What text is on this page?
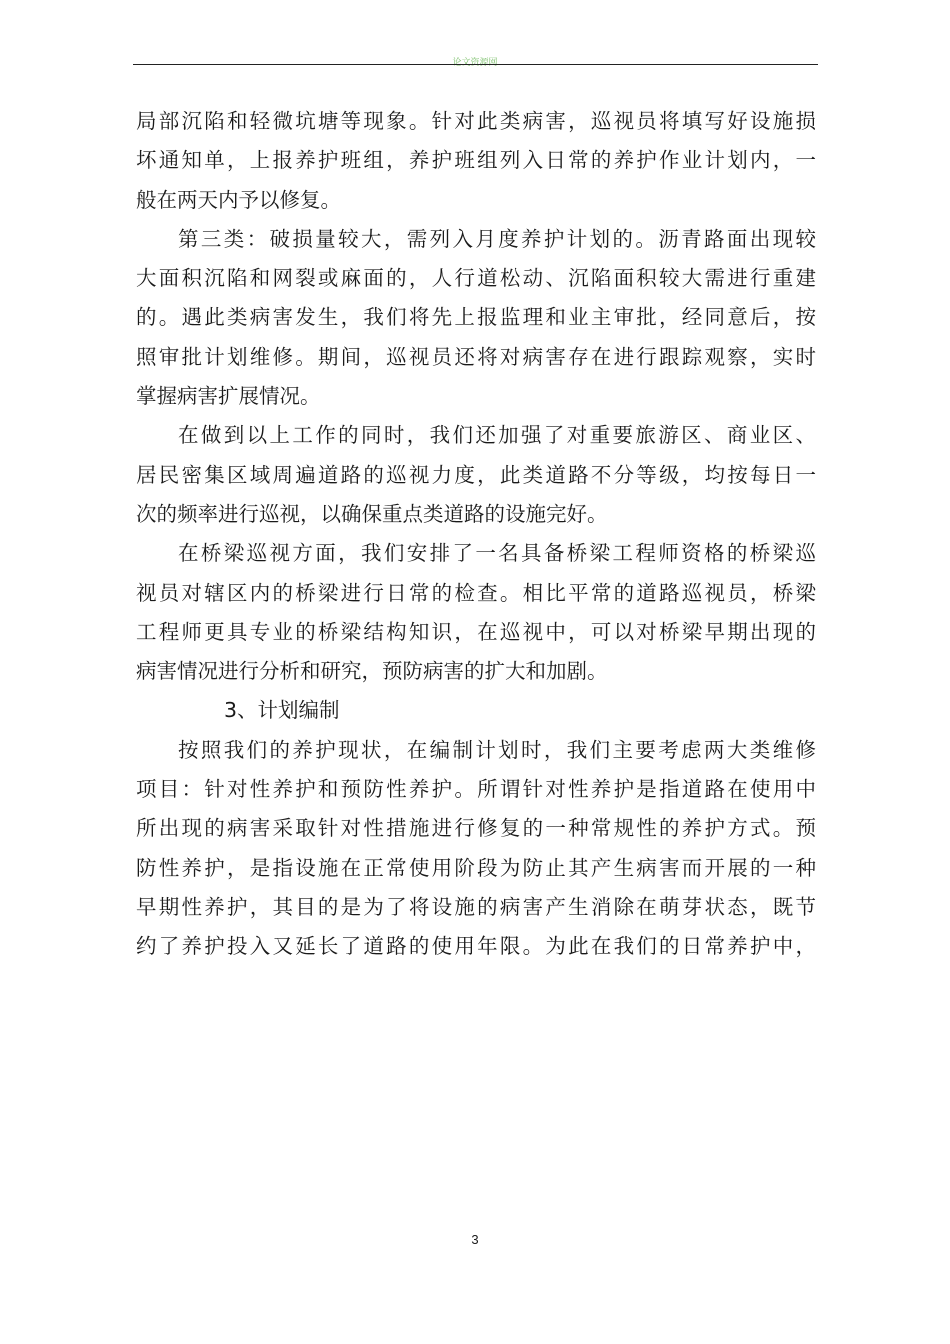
论文资源网
局部沉陷和轻微坑塘等现象。针对此类病害，巡视员将填写好设施损
坏通知单，上报养护班组，养护班组列入日常的养护作业计划内，一
般在两天内予以修复。
第三类：破损量较大，需列入月度养护计划的。沥青路面出现较
大面积沉陷和网裂或麻面的，人行道松动、沉陷面积较大需进行重建
的。遇此类病害发生，我们将先上报监理和业主审批，经同意后，按
照审批计划维修。期间，巡视员还将对病害存在进行跟踪观察，实时
掌握病害扩展情况。
在做到以上工作的同时，我们还加强了对重要旅游区、商业区、
居民密集区域周遍道路的巡视力度，此类道路不分等级，均按每日一
次的频率进行巡视，以确保重点类道路的设施完好。
在桥梁巡视方面，我们安排了一名具备桥梁工程师资格的桥梁巡
视员对辖区内的桥梁进行日常的检查。相比平常的道路巡视员，桥梁
工程师更具专业的桥梁结构知识，在巡视中，可以对桥梁早期出现的
病害情况进行分析和研究，预防病害的扩大和加剧。
3、计划编制
按照我们的养护现状，在编制计划时，我们主要考虑两大类维修
项目：针对性养护和预防性养护。所谓针对性养护是指道路在使用中
所出现的病害采取针对性措施进行修复的一种常规性的养护方式。预
防性养护，是指设施在正常使用阶段为防止其产生病害而开展的一种
早期性养护，其目的是为了将设施的病害产生消除在萌芽状态，既节
约了养护投入又延长了道路的使用年限。为此在我们的日常养护中，
3
